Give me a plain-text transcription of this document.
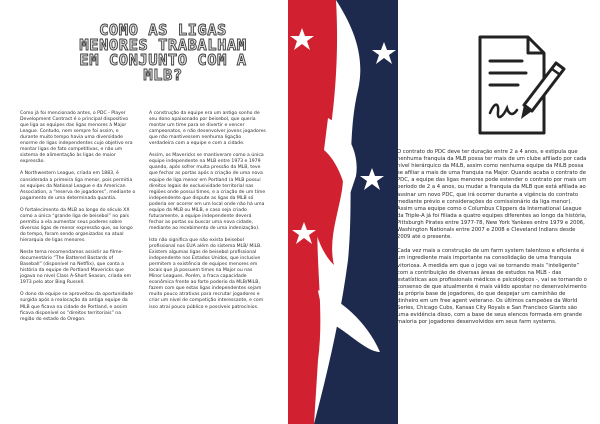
COMO AS LIGAS
MENORES TRABALHAM
EM CONJUNTO COM A
MLB?

Como já foi mencionado antes, o PDC - Player Development Contract é o principal dispositivo que liga as equipes das ligas menores à Major League. Contudo, nem sempre foi assim, e durante muito tempo havia uma diversidade enorme de ligas independentes cujo objetivo era montar ligas de fato competitivas, e não um sistema de alimentação às ligas de maior expressão.

A Northwestern League, criada em 1883, é considerada a primeira liga menor, pois permitia as equipes da National League e da American Association, a “reserva de jogadores”, mediante o pagamento de uma determinada quantia.

O fortalecimento da MLB ao longo do século XX como a única “grande liga de beisebol” no país permitiu a ela aumentar seus poderes sobre diversas ligas de menor expressão que, ao longo do tempo, foram sendo organizadas na atual hierarquia de ligas menores.

Neste tema recomendamos assistir ao filme-documentário “The Battered Bastards of Baseball” (disponível na Netflix), que conta a história da equipe de Portland Mavericks que jogava no nível Class A-Short Season, criada em 1973 pelo ator Bing Russell.

O dono da equipe se aproveitou da oportunidade surgida após a realocação da antiga equipe da MLB que ficava na cidade de Portland, e assim ficava disponível os “direitos territoriais” na região do estado do Oregon.

A construção da equipe era um antigo sonho de seu dono apaixonado por beisebol, que queria montar um time para se divertir e vencer campeonatos, e não desenvolver jovens jogadores que não mantivessem nenhuma ligação verdadeira com a equipe e com a cidade.

Assim, os Mavericks se mantiveram como a única equipe independente na MLB entre 1973 e 1979 quando, após sofrer muita pressão da MLB, teve que fechar as portas após a criação de uma nova equipe de liga menor em Portland (a MLB possui direitos legais de exclusividade territorial nas regiões onde possui times, e a criação de um time independente que dispute as ligas da MLB só poderia ser ocorrer em um local onde não há uma equipe da MLB ou MiLB, e caso seja criado futuramente, a equipe independente deverá fechar as portas ou buscar uma nova cidade, mediante ao recebimento de uma indenização).

Isto não significa que não exista beisebol profissional nos EUA além do sistema MLB/ MiLB. Existem algumas ligas de beisebol profissional independente nos Estados Unidos, que inclusive permitem a existência de equipes menores em locais que já possuem times na Major ou nas Minor Leagues. Porém, a fraca capacidade econômica frente ao forte poderio da MLB/MiLB, fazem com que estas ligas independentes sejam muito pouco atrativas para recrutar jogadores e criar um nível de competição interessante, e com isso atrai pouco público e possíveis patrocínios.

O contrato do PDC deve ter duração entre 2 a 4 anos, e estipula que nenhuma franquia da MLB possa ter mais de um clube afiliado por cada nível hierárquico da MiLB, assim como nenhuma equipe da MiLB possa se afiliar a mais de uma franquia na Major. Quando acaba o contrato de PDC, a equipe das ligas menores pode estender o contrato por mais um período de 2 a 4 anos, ou mudar a franquia da MLB que está afiliada ao assinar um novo PDC, que irá ocorrer durante a vigência do contrato mediante prévio e considerações do comissionário da liga menor). Assim uma equipe como o Columbus Clippers da International League da Triple-A já foi filiada a quatro equipes diferentes ao longo da história, Pittsburgh Pirates entre 1977-78, New York Yankees entre 1979 e 2006, Washington Nationals entre 2007 e 2008 e Cleveland Indians desde 2009 até o presente.

Cada vez mais a construção de um farm system talentoso e eficiente é um ingrediente mais importante na consolidação de uma franquia vitoriosa. A medida em que o jogo vai se tornando mais “inteligente” com a contribuição de diversas áreas de estudos na MLB - das estatísticas aos profissionais médicos e psicológicos -, vai se tornando o consenso de que atualmente é mais válido apostar no desenvolvimento da própria base de jogadores, do que despejar um caminhão de dinheiro em um free agent veterano. Os últimos campeões da World Series, Chicago Cubs, Kansas City Royals e San Francisco Giants são uma evidência disso, com a base de seus elencos formada em grande maioria por jogadores desenvolvidos em seus farm systems.
